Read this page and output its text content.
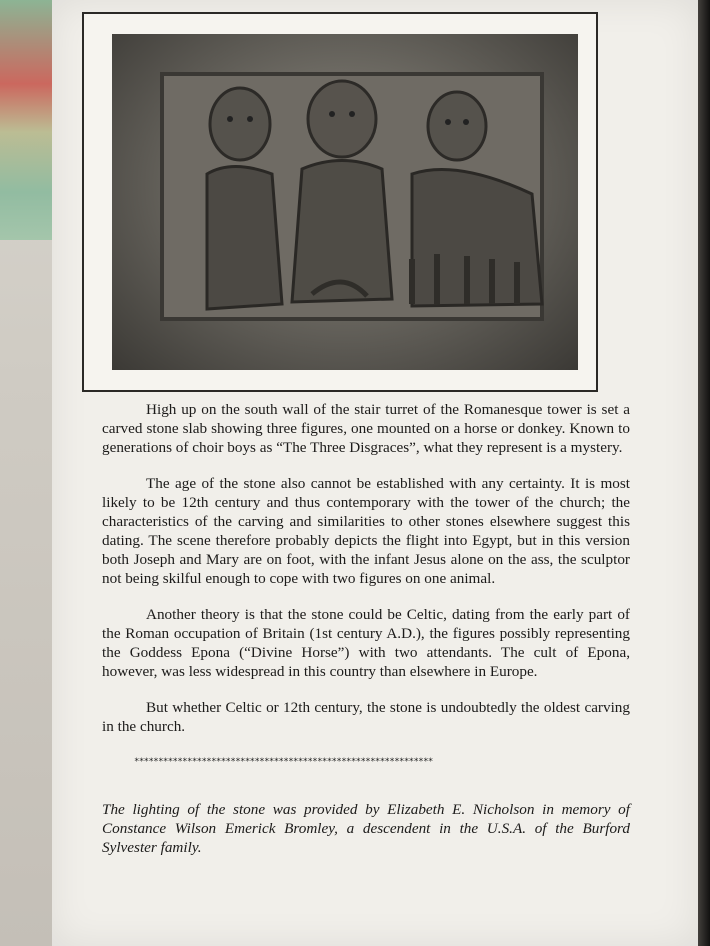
High up on the south wall of the stair turret of the Romanesque tower is set a carved stone slab showing three figures, one mounted on a horse or donkey. Known to generations of choir boys as “The Three Disgraces”, what they represent is a mystery.

The age of the stone also cannot be established with any certainty. It is most likely to be 12th century and thus contemporary with the tower of the church; the characteristics of the carving and similarities to other stones elsewhere suggest this dating. The scene therefore probably depicts the flight into Egypt, but in this version both Joseph and Mary are on foot, with the infant Jesus alone on the ass, the sculptor not being skilful enough to cope with two figures on one animal.

Another theory is that the stone could be Celtic, dating from the early part of the Roman occupation of Britain (1st century A.D.), the figures possibly representing the Goddess Epona (“Divine Horse”) with two attendants. The cult of Epona, however, was less widespread in this country than elsewhere in Europe.

But whether Celtic or 12th century, the stone is undoubtedly the oldest carving in the church.

**************************************************************
The lighting of the stone was provided by Elizabeth E. Nicholson in memory of Constance Wilson Emerick Bromley, a descendent in the U.S.A. of the Burford Sylvester family.
